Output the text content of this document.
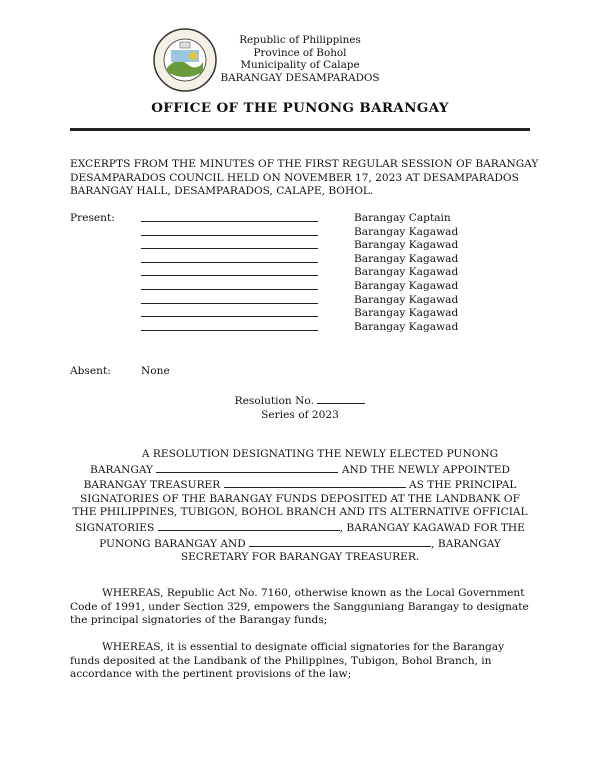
Republic of Philippines
Province of Bohol
Municipality of Calape
BARANGAY DESAMPARADOS
OFFICE OF THE PUNONG BARANGAY
EXCERPTS FROM THE MINUTES OF THE FIRST REGULAR SESSION OF BARANGAY DESAMPARADOS COUNCIL HELD ON NOVEMBER 17, 2023 AT DESAMPARADOS BARANGAY HALL, DESAMPARADOS, CALAPE, BOHOL.
Present:	Barangay Captain
Barangay Kagawad
Barangay Kagawad
Barangay Kagawad
Barangay Kagawad
Barangay Kagawad
Barangay Kagawad
Barangay Kagawad
Barangay Kagawad
Absent:	None
Resolution No.
Series of 2023
A RESOLUTION DESIGNATING THE NEWLY ELECTED PUNONG BARANGAY	AND THE NEWLY APPOINTED BARANGAY TREASURER	AS THE PRINCIPAL SIGNATORIES OF THE BARANGAY FUNDS DEPOSITED AT THE LANDBANK OF THE PHILIPPINES, TUBIGON, BOHOL BRANCH AND ITS ALTERNATIVE OFFICIAL SIGNATORIES	, BARANGAY KAGAWAD FOR THE PUNONG BARANGAY AND	, BARANGAY SECRETARY FOR BARANGAY TREASURER.
WHEREAS, Republic Act No. 7160, otherwise known as the Local Government Code of 1991, under Section 329, empowers the Sangguniang Barangay to designate the principal signatories of the Barangay funds;
WHEREAS, it is essential to designate official signatories for the Barangay funds deposited at the Landbank of the Philippines, Tubigon, Bohol Branch, in accordance with the pertinent provisions of the law;
